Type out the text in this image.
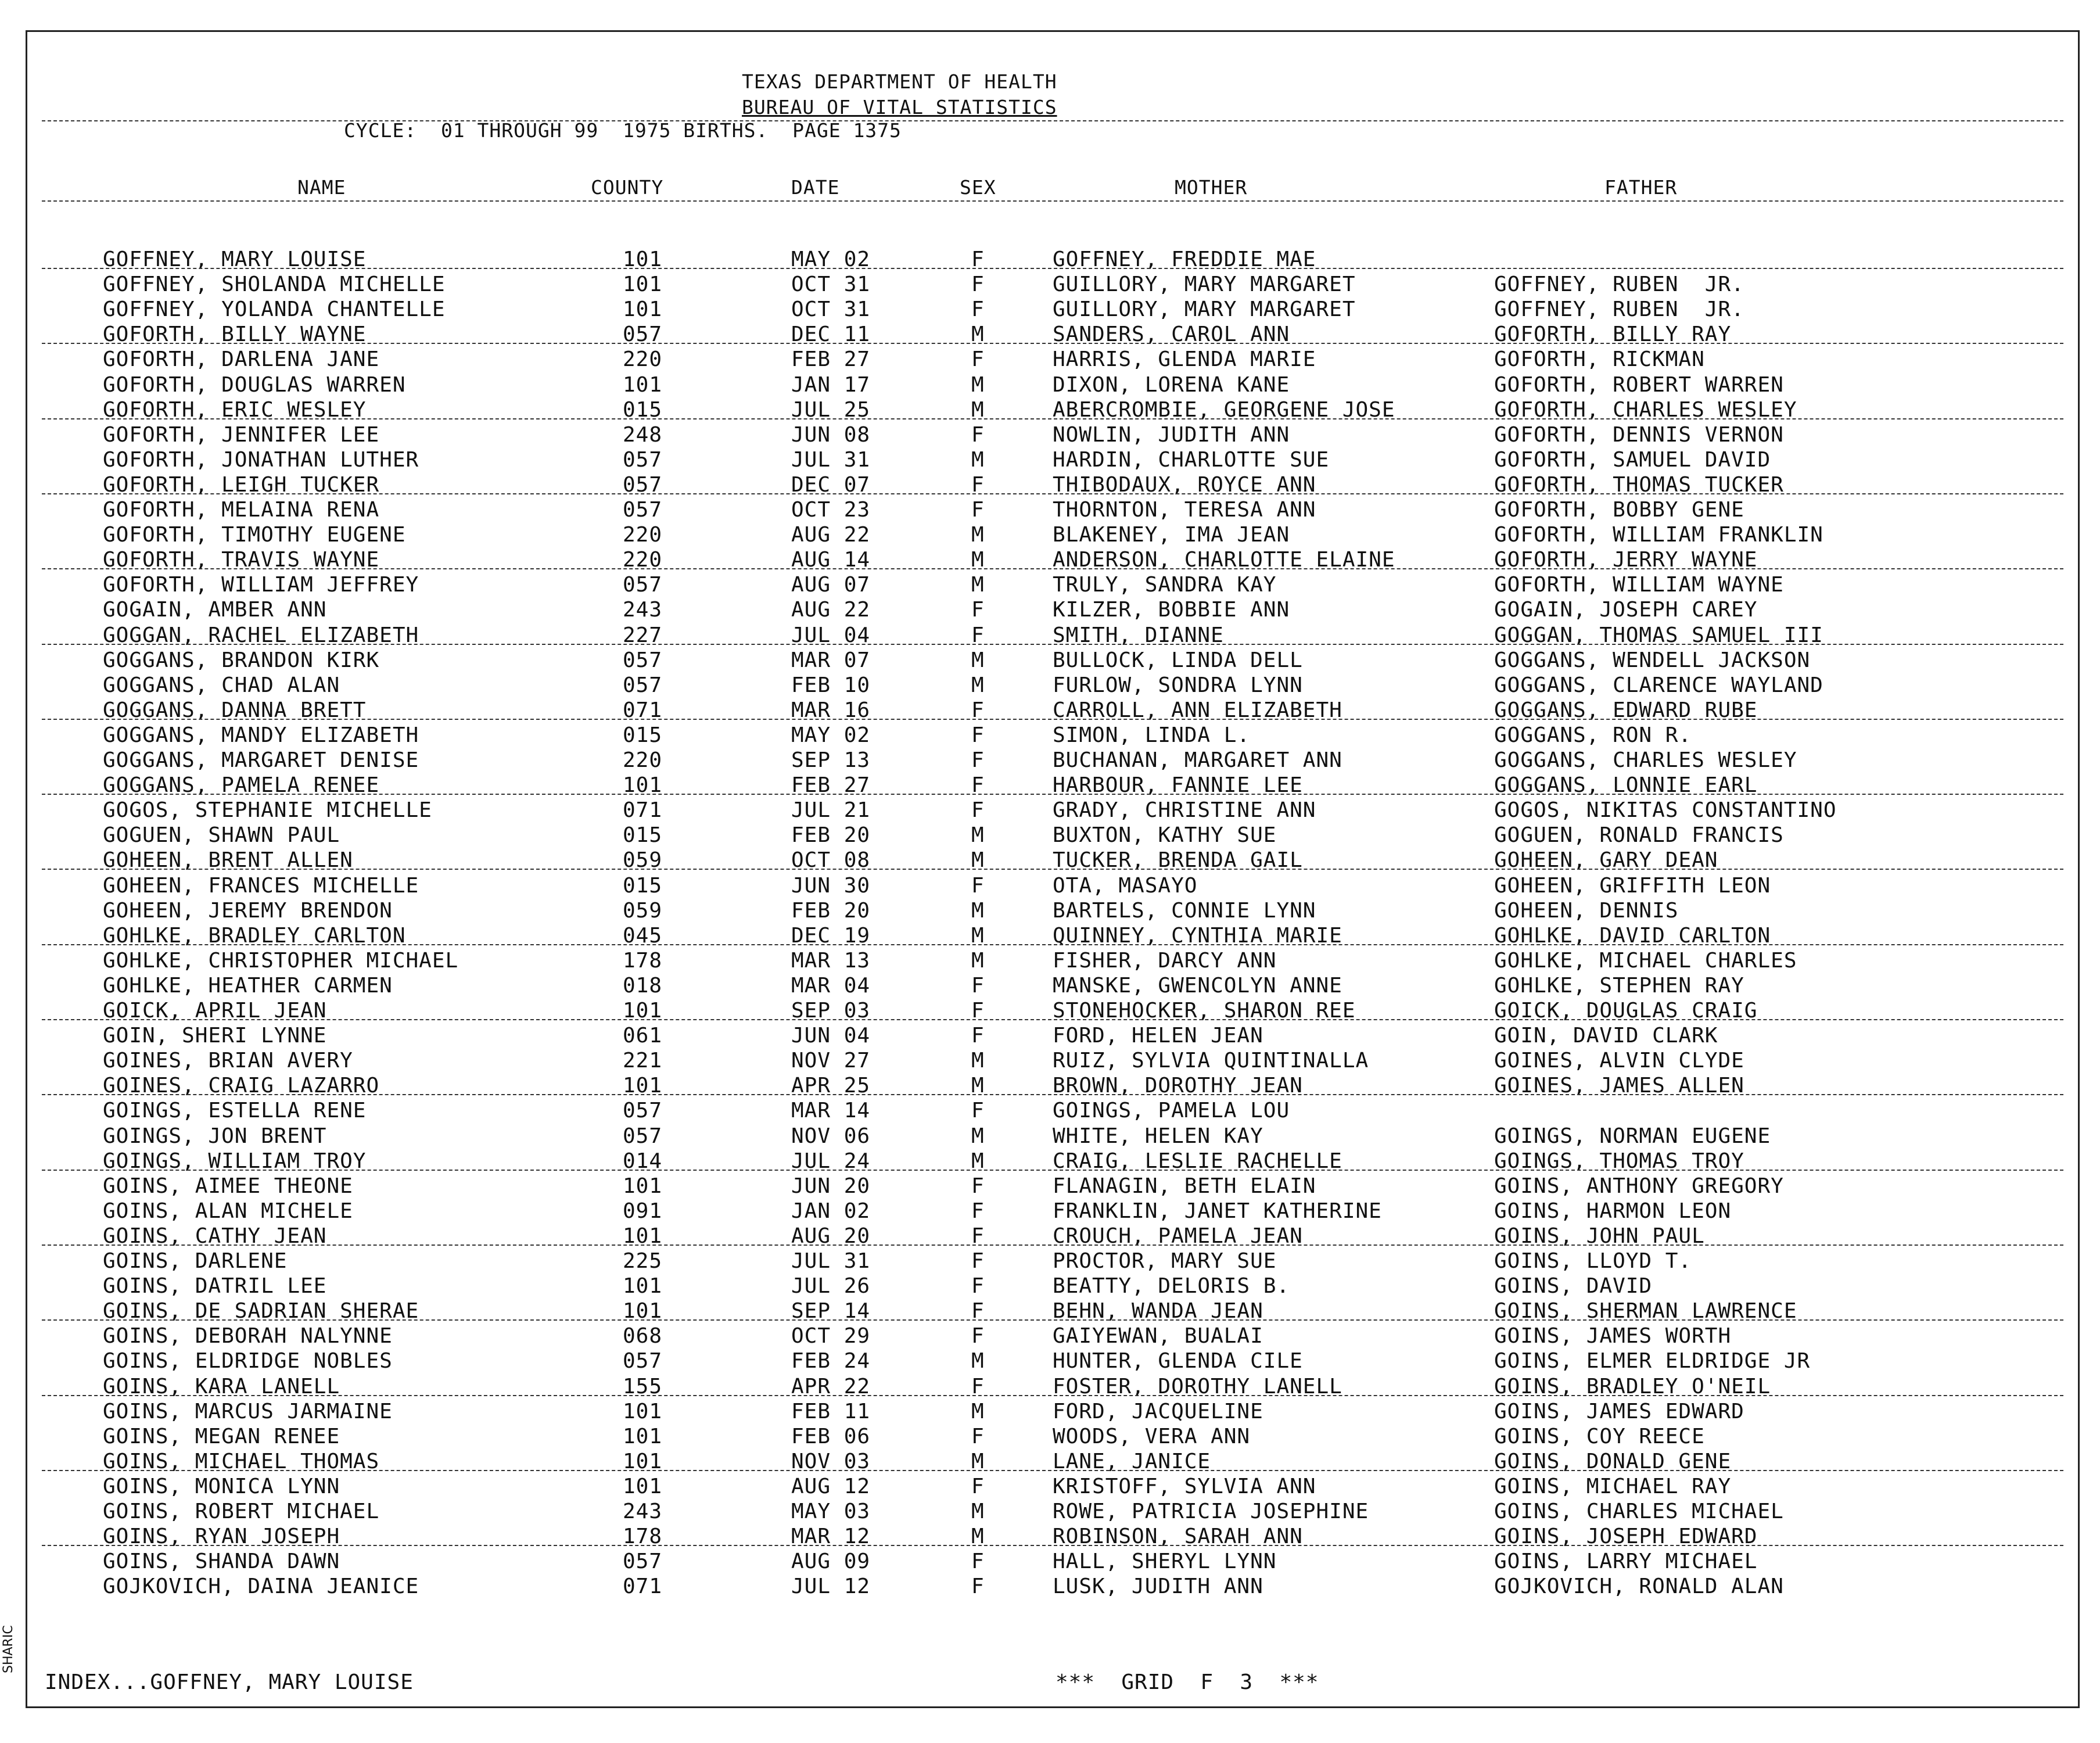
TEXAS DEPARTMENT OF HEALTH
BUREAU OF VITAL STATISTICS
CYCLE:  01 THROUGH 99  1975 BIRTHS.  PAGE 1375
NAME	COUNTY	DATE	SEX	MOTHER	FATHER
GOFFNEY, MARY LOUISE	101	MAY 02	F	GOFFNEY, FREDDIE MAE
GOFFNEY, SHOLANDA MICHELLE	101	OCT 31	F	GUILLORY, MARY MARGARET	GOFFNEY, RUBEN  JR.
GOFFNEY, YOLANDA CHANTELLE	101	OCT 31	F	GUILLORY, MARY MARGARET	GOFFNEY, RUBEN  JR.
GOFORTH, BILLY WAYNE	057	DEC 11	M	SANDERS, CAROL ANN	GOFORTH, BILLY RAY
GOFORTH, DARLENA JANE	220	FEB 27	F	HARRIS, GLENDA MARIE	GOFORTH, RICKMAN
GOFORTH, DOUGLAS WARREN	101	JAN 17	M	DIXON, LORENA KANE	GOFORTH, ROBERT WARREN
GOFORTH, ERIC WESLEY	015	JUL 25	M	ABERCROMBIE, GEORGENE JOSE	GOFORTH, CHARLES WESLEY
GOFORTH, JENNIFER LEE	248	JUN 08	F	NOWLIN, JUDITH ANN	GOFORTH, DENNIS VERNON
GOFORTH, JONATHAN LUTHER	057	JUL 31	M	HARDIN, CHARLOTTE SUE	GOFORTH, SAMUEL DAVID
GOFORTH, LEIGH TUCKER	057	DEC 07	F	THIBODAUX, ROYCE ANN	GOFORTH, THOMAS TUCKER
GOFORTH, MELAINA RENA	057	OCT 23	F	THORNTON, TERESA ANN	GOFORTH, BOBBY GENE
GOFORTH, TIMOTHY EUGENE	220	AUG 22	M	BLAKENEY, IMA JEAN	GOFORTH, WILLIAM FRANKLIN
GOFORTH, TRAVIS WAYNE	220	AUG 14	M	ANDERSON, CHARLOTTE ELAINE	GOFORTH, JERRY WAYNE
GOFORTH, WILLIAM JEFFREY	057	AUG 07	M	TRULY, SANDRA KAY	GOFORTH, WILLIAM WAYNE
GOGAIN, AMBER ANN	243	AUG 22	F	KILZER, BOBBIE ANN	GOGAIN, JOSEPH CAREY
GOGGAN, RACHEL ELIZABETH	227	JUL 04	F	SMITH, DIANNE	GOGGAN, THOMAS SAMUEL III
GOGGANS, BRANDON KIRK	057	MAR 07	M	BULLOCK, LINDA DELL	GOGGANS, WENDELL JACKSON
GOGGANS, CHAD ALAN	057	FEB 10	M	FURLOW, SONDRA LYNN	GOGGANS, CLARENCE WAYLAND
GOGGANS, DANNA BRETT	071	MAR 16	F	CARROLL, ANN ELIZABETH	GOGGANS, EDWARD RUBE
GOGGANS, MANDY ELIZABETH	015	MAY 02	F	SIMON, LINDA L.	GOGGANS, RON R.
GOGGANS, MARGARET DENISE	220	SEP 13	F	BUCHANAN, MARGARET ANN	GOGGANS, CHARLES WESLEY
GOGGANS, PAMELA RENEE	101	FEB 27	F	HARBOUR, FANNIE LEE	GOGGANS, LONNIE EARL
GOGOS, STEPHANIE MICHELLE	071	JUL 21	F	GRADY, CHRISTINE ANN	GOGOS, NIKITAS CONSTANTINO
GOGUEN, SHAWN PAUL	015	FEB 20	M	BUXTON, KATHY SUE	GOGUEN, RONALD FRANCIS
GOHEEN, BRENT ALLEN	059	OCT 08	M	TUCKER, BRENDA GAIL	GOHEEN, GARY DEAN
GOHEEN, FRANCES MICHELLE	015	JUN 30	F	OTA, MASAYO	GOHEEN, GRIFFITH LEON
GOHEEN, JEREMY BRENDON	059	FEB 20	M	BARTELS, CONNIE LYNN	GOHEEN, DENNIS
GOHLKE, BRADLEY CARLTON	045	DEC 19	M	QUINNEY, CYNTHIA MARIE	GOHLKE, DAVID CARLTON
GOHLKE, CHRISTOPHER MICHAEL	178	MAR 13	M	FISHER, DARCY ANN	GOHLKE, MICHAEL CHARLES
GOHLKE, HEATHER CARMEN	018	MAR 04	F	MANSKE, GWENCOLYN ANNE	GOHLKE, STEPHEN RAY
GOICK, APRIL JEAN	101	SEP 03	F	STONEHOCKER, SHARON REE	GOICK, DOUGLAS CRAIG
GOIN, SHERI LYNNE	061	JUN 04	F	FORD, HELEN JEAN	GOIN, DAVID CLARK
GOINES, BRIAN AVERY	221	NOV 27	M	RUIZ, SYLVIA QUINTINALLA	GOINES, ALVIN CLYDE
GOINES, CRAIG LAZARRO	101	APR 25	M	BROWN, DOROTHY JEAN	GOINES, JAMES ALLEN
GOINGS, ESTELLA RENE	057	MAR 14	F	GOINGS, PAMELA LOU
GOINGS, JON BRENT	057	NOV 06	M	WHITE, HELEN KAY	GOINGS, NORMAN EUGENE
GOINGS, WILLIAM TROY	014	JUL 24	M	CRAIG, LESLIE RACHELLE	GOINGS, THOMAS TROY
GOINS, AIMEE THEONE	101	JUN 20	F	FLANAGIN, BETH ELAIN	GOINS, ANTHONY GREGORY
GOINS, ALAN MICHELE	091	JAN 02	F	FRANKLIN, JANET KATHERINE	GOINS, HARMON LEON
GOINS, CATHY JEAN	101	AUG 20	F	CROUCH, PAMELA JEAN	GOINS, JOHN PAUL
GOINS, DARLENE	225	JUL 31	F	PROCTOR, MARY SUE	GOINS, LLOYD T.
GOINS, DATRIL LEE	101	JUL 26	F	BEATTY, DELORIS B.	GOINS, DAVID
GOINS, DE SADRIAN SHERAE	101	SEP 14	F	BEHN, WANDA JEAN	GOINS, SHERMAN LAWRENCE
GOINS, DEBORAH NALYNNE	068	OCT 29	F	GAIYEWAN, BUALAI	GOINS, JAMES WORTH
GOINS, ELDRIDGE NOBLES	057	FEB 24	M	HUNTER, GLENDA CILE	GOINS, ELMER ELDRIDGE JR
GOINS, KARA LANELL	155	APR 22	F	FOSTER, DOROTHY LANELL	GOINS, BRADLEY O'NEIL
GOINS, MARCUS JARMAINE	101	FEB 11	M	FORD, JACQUELINE	GOINS, JAMES EDWARD
GOINS, MEGAN RENEE	101	FEB 06	F	WOODS, VERA ANN	GOINS, COY REECE
GOINS, MICHAEL THOMAS	101	NOV 03	M	LANE, JANICE	GOINS, DONALD GENE
GOINS, MONICA LYNN	101	AUG 12	F	KRISTOFF, SYLVIA ANN	GOINS, MICHAEL RAY
GOINS, ROBERT MICHAEL	243	MAY 03	M	ROWE, PATRICIA JOSEPHINE	GOINS, CHARLES MICHAEL
GOINS, RYAN JOSEPH	178	MAR 12	M	ROBINSON, SARAH ANN	GOINS, JOSEPH EDWARD
GOINS, SHANDA DAWN	057	AUG 09	F	HALL, SHERYL LYNN	GOINS, LARRY MICHAEL
GOJKOVICH, DAINA JEANICE	071	JUL 12	F	LUSK, JUDITH ANN	GOJKOVICH, RONALD ALAN
INDEX...GOFFNEY, MARY LOUISE	***  GRID  F  3  ***
SHARIC
